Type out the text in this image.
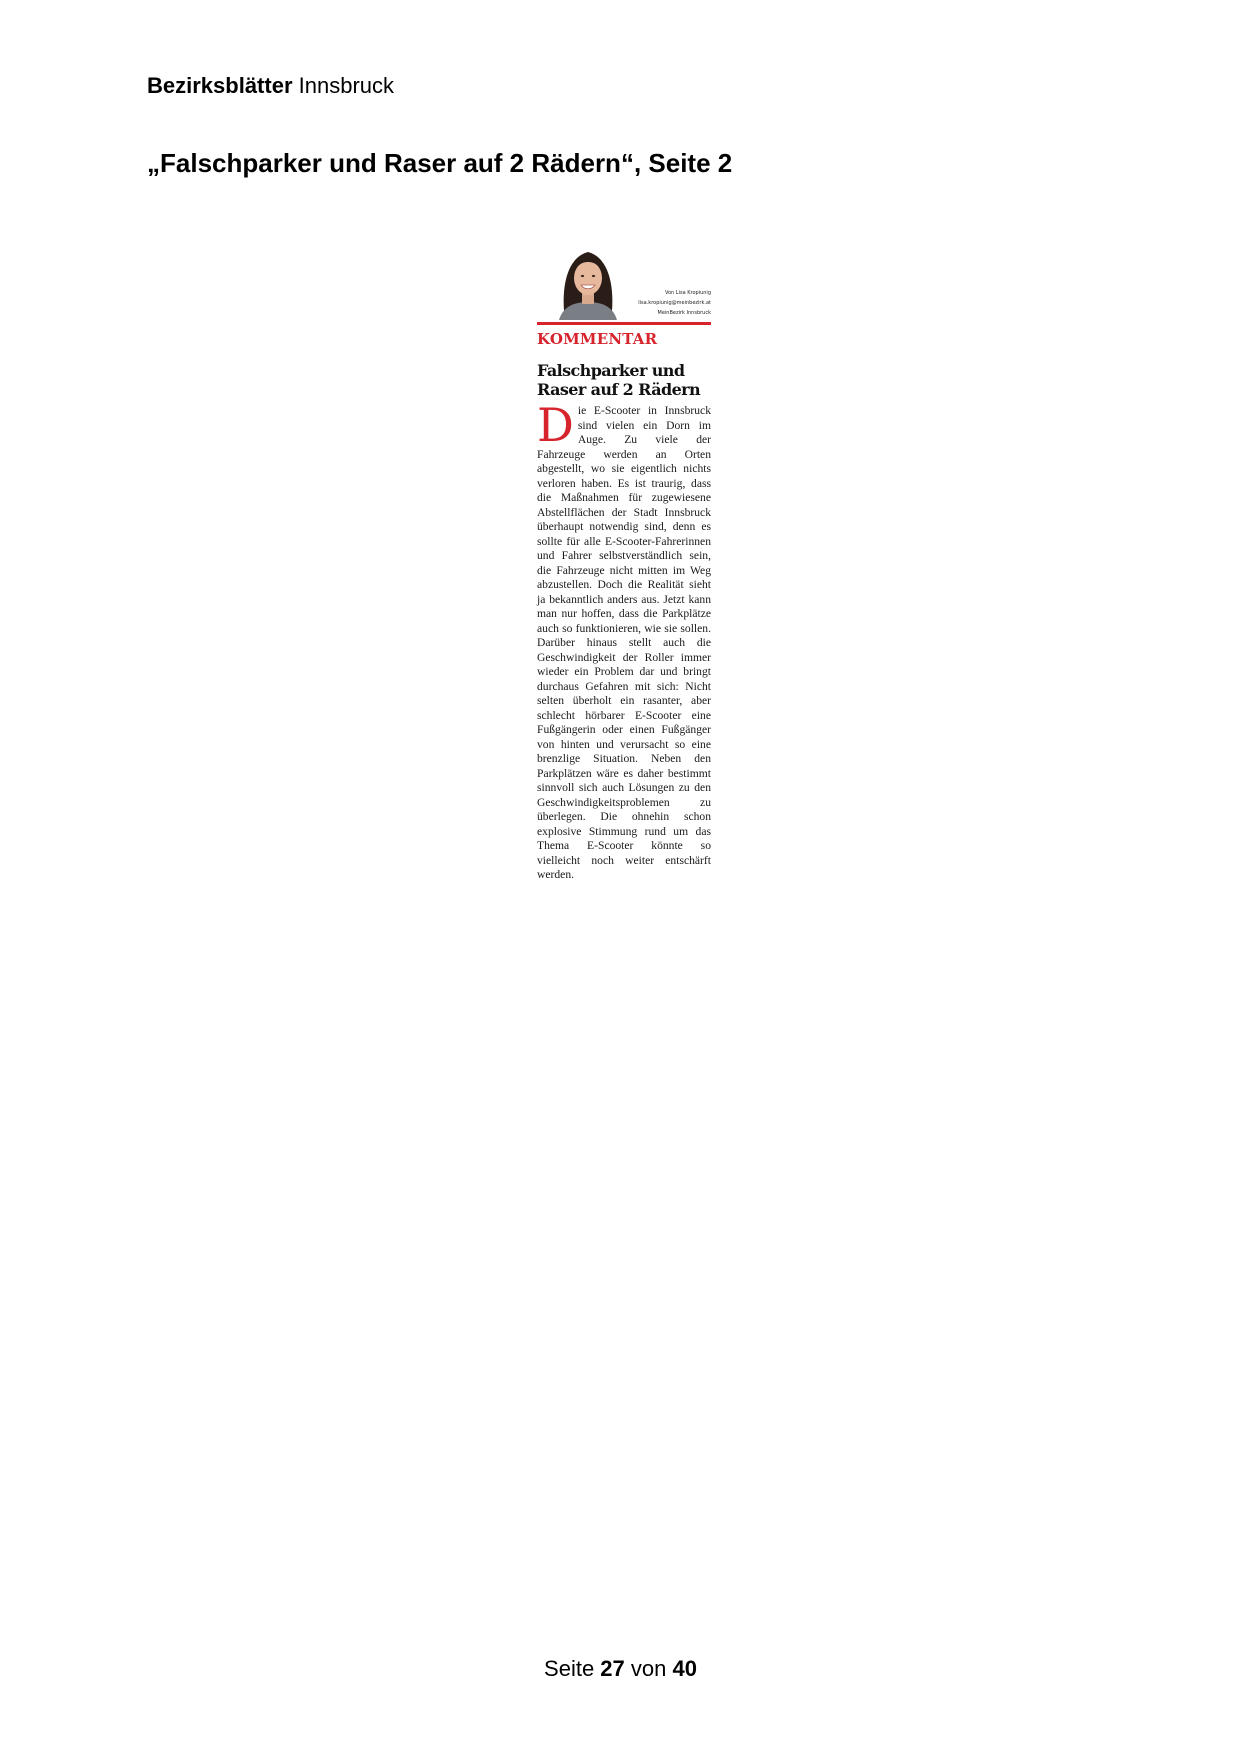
Bezirksblätter Innsbruck
„Falschparker und Raser auf 2 Rädern“, Seite 2
Von Lisa Kropiunig
lisa.kropiunig@meinbezirk.at
MeinBezirk Innsbruck
KOMMENTAR
Falschparker und Raser auf 2 Rädern

Die E-Scooter in Innsbruck sind vielen ein Dorn im Auge. Zu viele der Fahrzeuge werden an Orten abgestellt, wo sie eigentlich nichts verloren haben. Es ist traurig, dass die Maßnahmen für zugewiesene Abstellflächen der Stadt Innsbruck überhaupt notwendig sind, denn es sollte für alle E-Scooter-Fahrerinnen und Fahrer selbstverständlich sein, die Fahrzeuge nicht mitten im Weg abzustellen. Doch die Realität sieht ja bekanntlich anders aus. Jetzt kann man nur hoffen, dass die Parkplätze auch so funktionieren, wie sie sollen. Darüber hinaus stellt auch die Geschwindigkeit der Roller immer wieder ein Problem dar und bringt durchaus Gefahren mit sich: Nicht selten überholt ein rasanter, aber schlecht hörbarer E-Scooter eine Fußgängerin oder einen Fußgänger von hinten und verursacht so eine brenzlige Situation. Neben den Parkplätzen wäre es daher bestimmt sinnvoll sich auch Lösungen zu den Geschwindigkeitsproblemen zu überlegen. Die ohnehin schon explosive Stimmung rund um das Thema E-Scooter könnte so vielleicht noch weiter entschärft werden.

Seite 27 von 40
